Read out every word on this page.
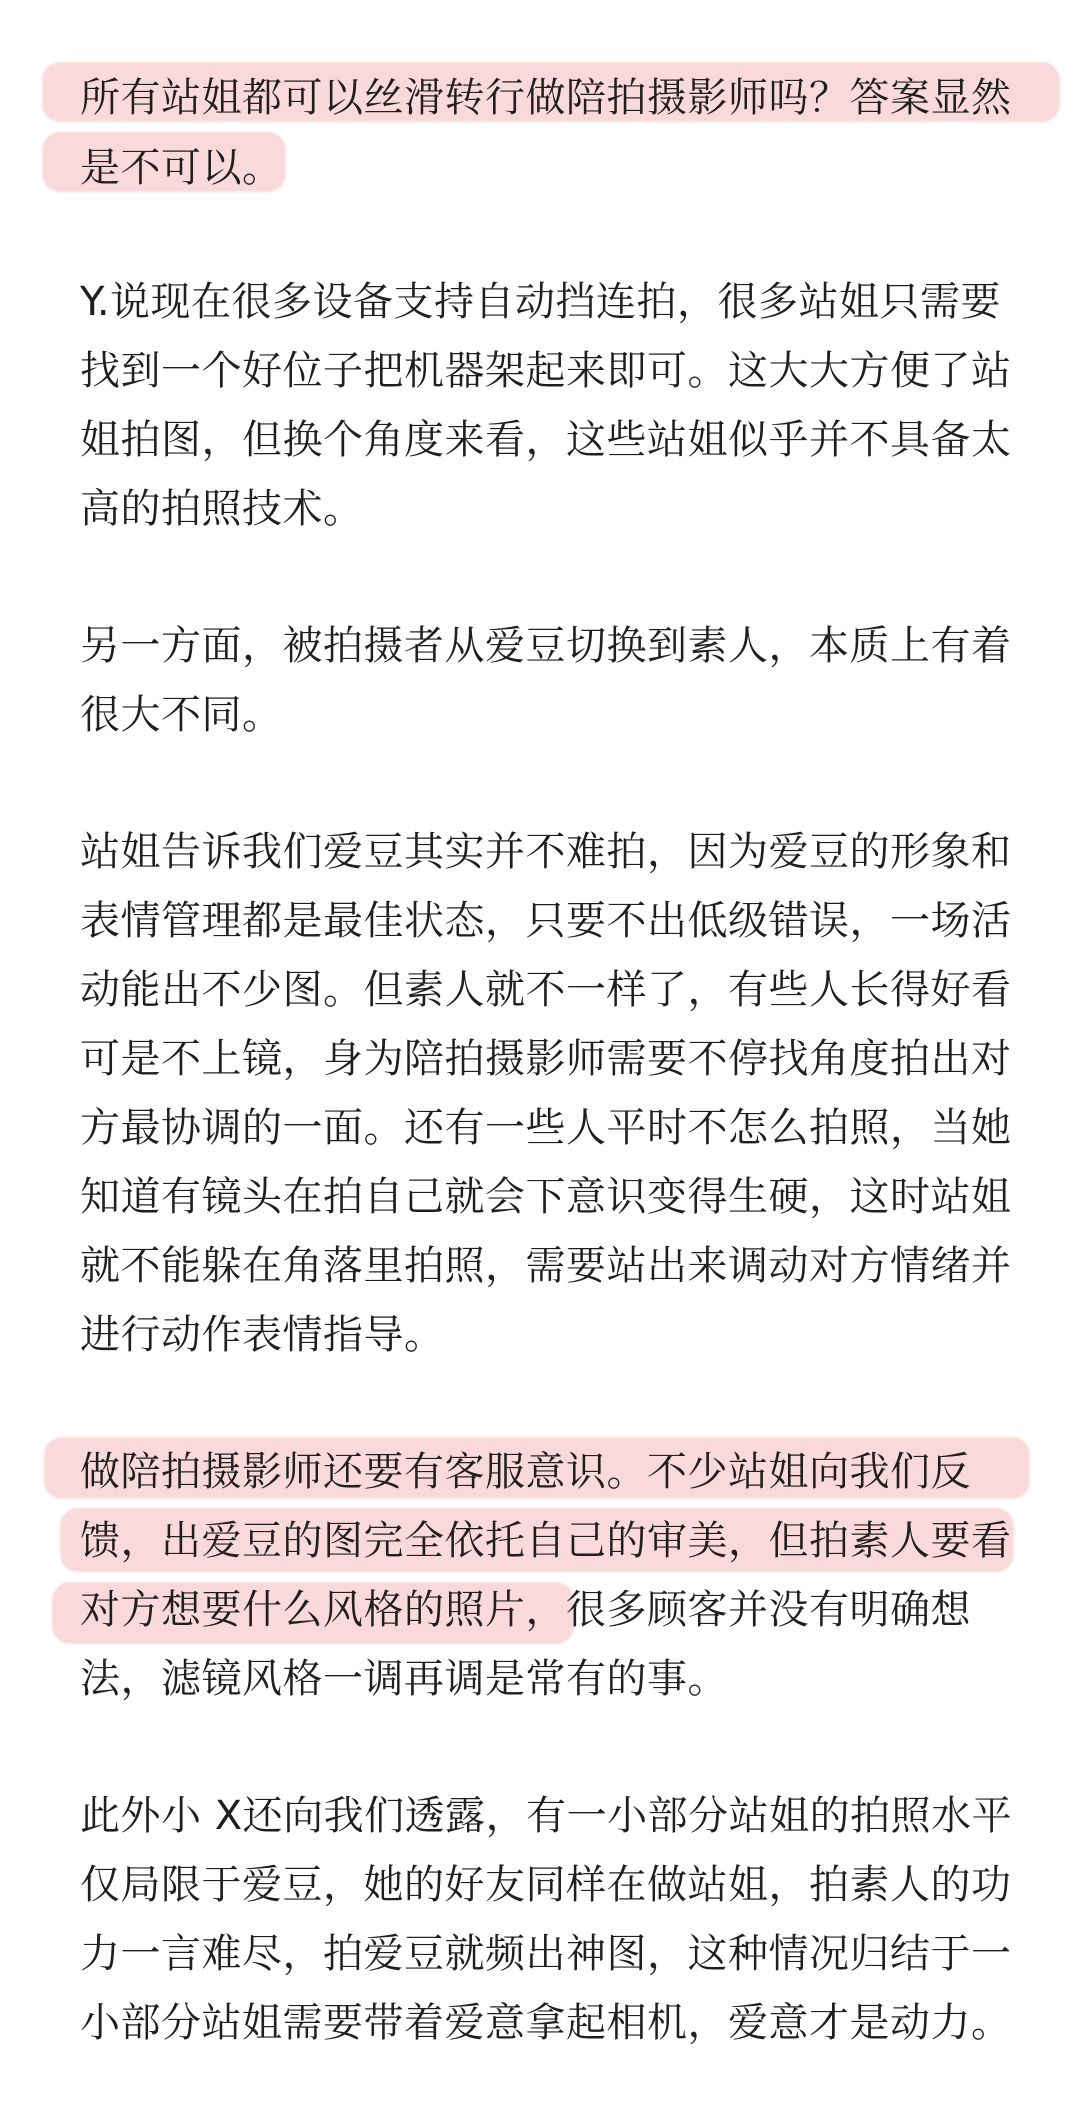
所有站姐都可以丝滑转行做陪拍摄影师吗？答案显然
是不可以。
Y.说现在很多设备支持自动挡连拍，很多站姐只需要
找到一个好位子把机器架起来即可。这大大方便了站
姐拍图，但换个角度来看，这些站姐似乎并不具备太
高的拍照技术。
另一方面，被拍摄者从爱豆切换到素人，本质上有着
很大不同。
站姐告诉我们爱豆其实并不难拍，因为爱豆的形象和
表情管理都是最佳状态，只要不出低级错误，一场活
动能出不少图。但素人就不一样了，有些人长得好看
可是不上镜，身为陪拍摄影师需要不停找角度拍出对
方最协调的一面。还有一些人平时不怎么拍照，当她
知道有镜头在拍自己就会下意识变得生硬，这时站姐
就不能躲在角落里拍照，需要站出来调动对方情绪并
进行动作表情指导。
做陪拍摄影师还要有客服意识。不少站姐向我们反
馈，出爱豆的图完全依托自己的审美，但拍素人要看
对方想要什么风格的照片，很多顾客并没有明确想
法，滤镜风格一调再调是常有的事。
此外小 X还向我们透露，有一小部分站姐的拍照水平
仅局限于爱豆，她的好友同样在做站姐，拍素人的功
力一言难尽，拍爱豆就频出神图，这种情况归结于一
小部分站姐需要带着爱意拿起相机，爱意才是动力。
